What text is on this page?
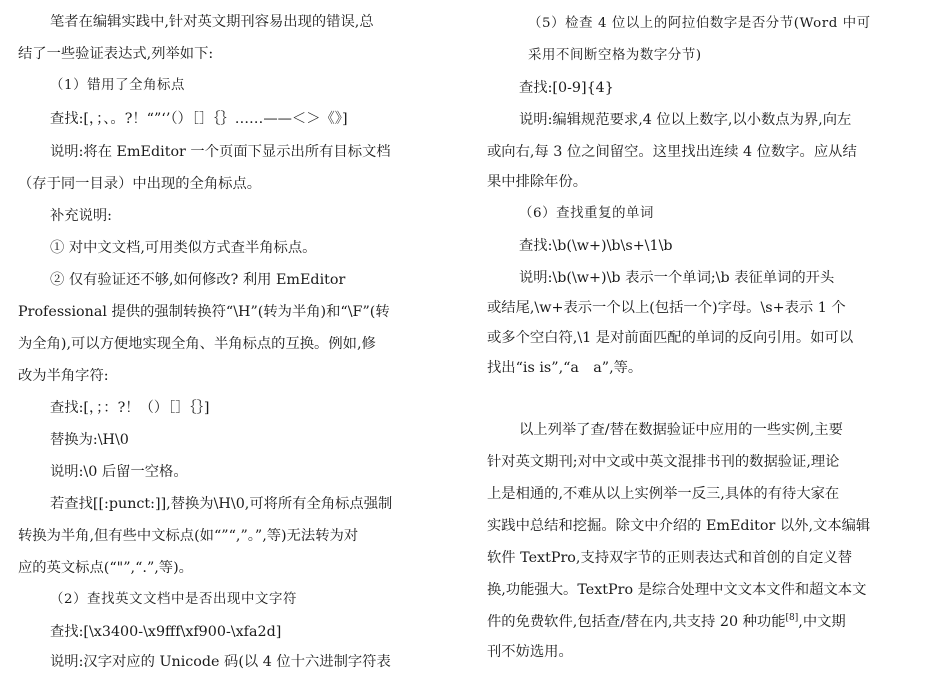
笔者在编辑实践中,针对英文期刊容易出现的错误,总
结了一些验证表达式,列举如下:
（1）错用了全角标点
查找:[，；、。?！“”‘’（）［］｛｝……——＜＞《》]
说明:将在 EmEditor 一个页面下显示出所有目标文档
（存于同一目录）中出现的全角标点。
补充说明:
① 对中文文档,可用类似方式查半角标点。
② 仅有验证还不够,如何修改? 利用 EmEditor
Professional 提供的强制转换符“\H”(转为半角)和“\F”(转
为全角),可以方便地实现全角、半角标点的互换。例如,修
改为半角字符:
查找:[，；：?！（）［］｛｝]
替换为:\H\0
说明:\0 后留一空格。
若查找[[:punct:]],替换为\H\0,可将所有全角标点强制
转换为半角,但有些中文标点(如“”“,”。”,等)无法转为对
应的英文标点(“"”,“.”,等)。
（2）查找英文文档中是否出现中文字符
查找:[\x3400-\x9fff\xf900-\xfa2d]
说明:汉字对应的 Unicode 码(以 4 位十六进制字符表
（5）检查 4 位以上的阿拉伯数字是否分节(Word 中可
采用不间断空格为数字分节)
查找:[0-9]{4}
说明:编辑规范要求,4 位以上数字,以小数点为界,向左
或向右,每 3 位之间留空。这里找出连续 4 位数字。应从结
果中排除年份。
（6）查找重复的单词
查找:\b(\w+)\b\s+\1\b
说明:\b(\w+)\b 表示一个单词;\b 表征单词的开头
或结尾,\w+表示一个以上(包括一个)字母。\s+表示 1 个
或多个空白符,\1 是对前面匹配的单词的反向引用。如可以
找出“is is”,“a　a”,等。
以上列举了查/替在数据验证中应用的一些实例,主要
针对英文期刊;对中文或中英文混排书刊的数据验证,理论
上是相通的,不难从以上实例举一反三,具体的有待大家在
实践中总结和挖掘。除文中介绍的 EmEditor 以外,文本编辑
软件 TextPro,支持双字节的正则表达式和首创的自定义替
换,功能强大。TextPro 是综合处理中文文本文件和超文本文
件的免费软件,包括查/替在内,共支持 20 种功能[8],中文期
刊不妨选用。
